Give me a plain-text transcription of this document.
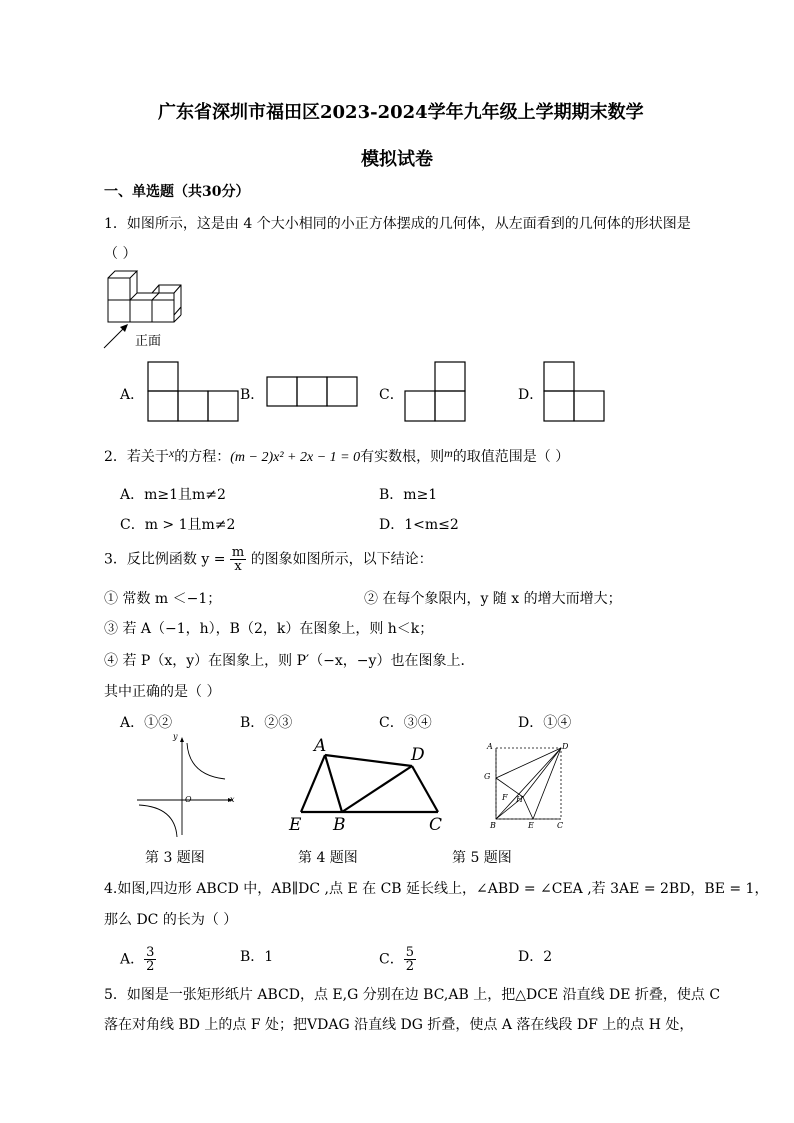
广东省深圳市福田区2023-2024学年九年级上学期期末数学
模拟试卷
一、单选题（共30分）
1．如图所示，这是由 4 个大小相同的小正方体摆成的几何体，从左面看到的几何体的形状图是
（ ）
正面
A．	B．	C．	D．
2．若关于x的方程：(m − 2)x² + 2x − 1 = 0有实数根，则m的取值范围是（ ）
A．m≥1且m≠2	B．m≥1
C．m > 1且m≠2	D．1<m≤2
3．反比例函数 $y = \frac{m}{x}$ 的图象如图所示，以下结论：
① 常数 m ＜−1；	② 在每个象限内，y 随 x 的增大而增大；
③ 若 A（−1，h），B（2，k）在图象上，则 h＜k；
④ 若 P（x，y）在图象上，则 P′（−x，−y）也在图象上．
其中正确的是（ ）
A．①②	B．②③	C．③④	D．①④
y
x
O
第 3 题图
A	D
E B	C
第 4 题图
A	D
G
F H
B	E	C
第 5 题图
4.如图,四边形 ABCD 中，AB∥DC ,点 E 在 CB 延长线上，∠ABD = ∠CEA ,若 3AE = 2BD，BE = 1，
那么 DC 的长为（ ）
A． $\frac{3}{2}$	B．1	C． $\frac{5}{2}$	D．2
5．如图是一张矩形纸片 ABCD，点 E,G 分别在边 BC,AB 上，把△DCE 沿直线 DE 折叠，使点 C
落在对角线 BD 上的点 F 处；把VDAG 沿直线 DG 折叠，使点 A 落在线段 DF 上的点 H 处，
